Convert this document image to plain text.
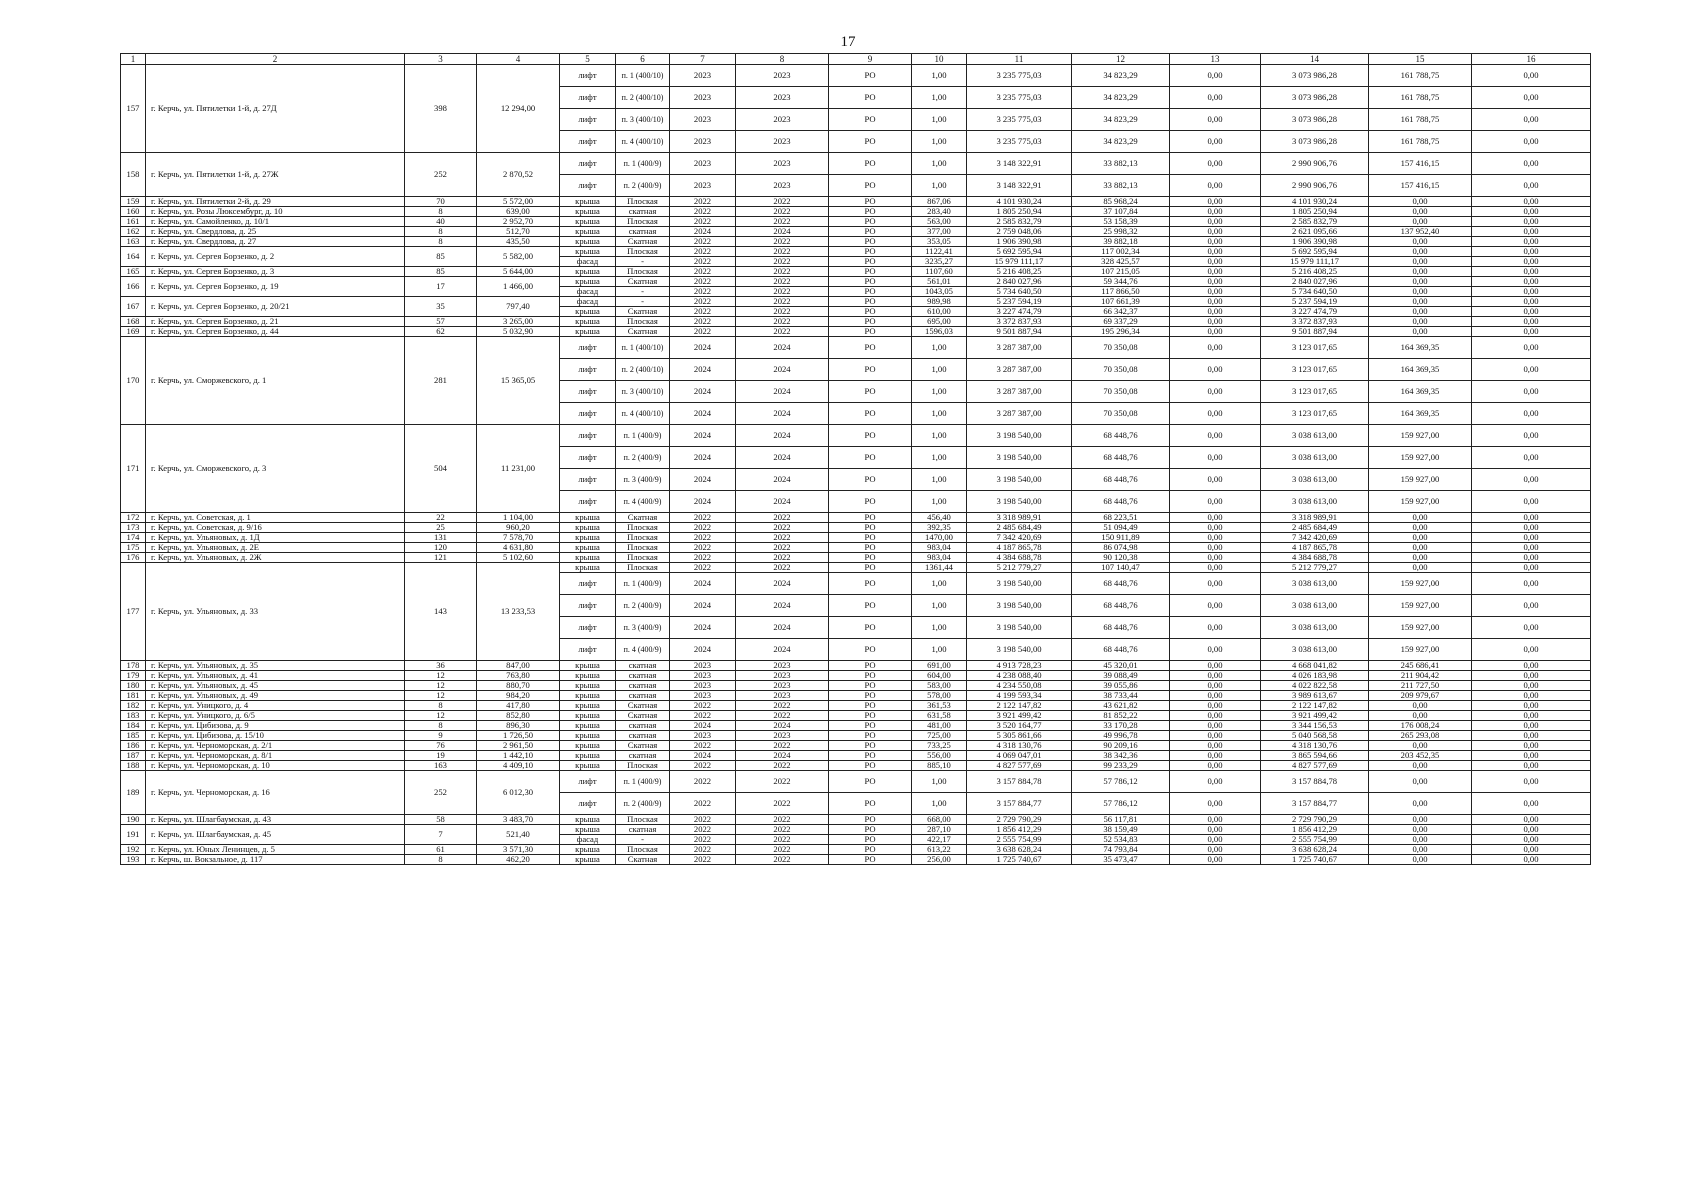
17
1	2	3	4	5	6	7	8	9	10	11	12	13	14	15	16
157	г. Керчь, ул. Пятилетки 1-й, д. 27Д	398	12 294,00	лифт	п. 1 (400/10)	2023	2023	РО	1,00	3 235 775,03	34 823,29	0,00	3 073 986,28	161 788,75	0,00
				лифт	п. 2 (400/10)	2023	2023	РО	1,00	3 235 775,03	34 823,29	0,00	3 073 986,28	161 788,75	0,00
				лифт	п. 3 (400/10)	2023	2023	РО	1,00	3 235 775,03	34 823,29	0,00	3 073 986,28	161 788,75	0,00
				лифт	п. 4 (400/10)	2023	2023	РО	1,00	3 235 775,03	34 823,29	0,00	3 073 986,28	161 788,75	0,00
158	г. Керчь, ул. Пятилетки 1-й, д. 27Ж	252	2 870,52	лифт	п. 1 (400/9)	2023	2023	РО	1,00	3 148 322,91	33 882,13	0,00	2 990 906,76	157 416,15	0,00
				лифт	п. 2 (400/9)	2023	2023	РО	1,00	3 148 322,91	33 882,13	0,00	2 990 906,76	157 416,15	0,00
159	г. Керчь, ул. Пятилетки 2-й, д. 29	70	5 572,00	крыша	Плоская	2022	2022	РО	867,06	4 101 930,24	85 968,24	0,00	4 101 930,24	0,00	0,00
160	г. Керчь, ул. Розы Люксембург, д. 10	8	639,00	крыша	скатная	2022	2022	РО	283,40	1 805 250,94	37 107,84	0,00	1 805 250,94	0,00	0,00
161	г. Керчь, ул. Самойленко, д. 10/1	40	2 952,70	крыша	Плоская	2022	2022	РО	563,00	2 585 832,79	53 158,39	0,00	2 585 832,79	0,00	0,00
162	г. Керчь, ул. Свердлова, д. 25	8	512,70	крыша	скатная	2024	2024	РО	377,00	2 759 048,06	25 998,32	0,00	2 621 095,66	137 952,40	0,00
163	г. Керчь, ул. Свердлова, д. 27	8	435,50	крыша	Скатная	2022	2022	РО	353,05	1 906 390,98	39 882,18	0,00	1 906 390,98	0,00	0,00
164	г. Керчь, ул. Сергея Борзенко, д. 2	85	5 582,00	крыша	Плоская	2022	2022	РО	1122,41	5 692 595,94	117 002,34	0,00	5 692 595,94	0,00	0,00
				фасад	-	2022	2022	РО	3235,27	15 979 111,17	328 425,57	0,00	15 979 111,17	0,00	0,00
165	г. Керчь, ул. Сергея Борзенко, д. 3	85	5 644,00	крыша	Плоская	2022	2022	РО	1107,60	5 216 408,25	107 215,05	0,00	5 216 408,25	0,00	0,00
166	г. Керчь, ул. Сергея Борзенко, д. 19	17	1 466,00	крыша	Скатная	2022	2022	РО	561,01	2 840 027,96	59 344,76	0,00	2 840 027,96	0,00	0,00
				фасад	-	2022	2022	РО	1043,05	5 734 640,50	117 866,50	0,00	5 734 640,50	0,00	0,00
167	г. Керчь, ул. Сергея Борзенко, д. 20/21	35	797,40	фасад	-	2022	2022	РО	989,98	5 237 594,19	107 661,39	0,00	5 237 594,19	0,00	0,00
				крыша	Скатная	2022	2022	РО	610,00	3 227 474,79	66 342,37	0,00	3 227 474,79	0,00	0,00
168	г. Керчь, ул. Сергея Борзенко, д. 21	57	3 265,00	крыша	Плоская	2022	2022	РО	695,00	3 372 837,93	69 337,29	0,00	3 372 837,93	0,00	0,00
169	г. Керчь, ул. Сергея Борзенко, д. 44	62	5 032,90	крыша	Скатная	2022	2022	РО	1596,03	9 501 887,94	195 296,34	0,00	9 501 887,94	0,00	0,00
170	г. Керчь, ул. Сморжевского, д. 1	281	15 365,05	лифт	п. 1 (400/10)	2024	2024	РО	1,00	3 287 387,00	70 350,08	0,00	3 123 017,65	164 369,35	0,00
				лифт	п. 2 (400/10)	2024	2024	РО	1,00	3 287 387,00	70 350,08	0,00	3 123 017,65	164 369,35	0,00
				лифт	п. 3 (400/10)	2024	2024	РО	1,00	3 287 387,00	70 350,08	0,00	3 123 017,65	164 369,35	0,00
				лифт	п. 4 (400/10)	2024	2024	РО	1,00	3 287 387,00	70 350,08	0,00	3 123 017,65	164 369,35	0,00
171	г. Керчь, ул. Сморжевского, д. 3	504	11 231,00	лифт	п. 1 (400/9)	2024	2024	РО	1,00	3 198 540,00	68 448,76	0,00	3 038 613,00	159 927,00	0,00
				лифт	п. 2 (400/9)	2024	2024	РО	1,00	3 198 540,00	68 448,76	0,00	3 038 613,00	159 927,00	0,00
				лифт	п. 3 (400/9)	2024	2024	РО	1,00	3 198 540,00	68 448,76	0,00	3 038 613,00	159 927,00	0,00
				лифт	п. 4 (400/9)	2024	2024	РО	1,00	3 198 540,00	68 448,76	0,00	3 038 613,00	159 927,00	0,00
172	г. Керчь, ул. Советская, д. 1	22	1 104,00	крыша	Скатная	2022	2022	РО	456,40	3 318 989,91	68 223,51	0,00	3 318 989,91	0,00	0,00
173	г. Керчь, ул. Советская, д. 9/16	25	960,20	крыша	Плоская	2022	2022	РО	392,35	2 485 684,49	51 094,49	0,00	2 485 684,49	0,00	0,00
174	г. Керчь, ул. Ульяновых, д. 1Д	131	7 578,70	крыша	Плоская	2022	2022	РО	1470,00	7 342 420,69	150 911,89	0,00	7 342 420,69	0,00	0,00
175	г. Керчь, ул. Ульяновых, д. 2Е	120	4 631,80	крыша	Плоская	2022	2022	РО	983,04	4 187 865,78	86 074,98	0,00	4 187 865,78	0,00	0,00
176	г. Керчь, ул. Ульяновых, д. 2Ж	121	5 102,60	крыша	Плоская	2022	2022	РО	983,04	4 384 688,78	90 120,38	0,00	4 384 688,78	0,00	0,00
177	г. Керчь, ул. Ульяновых, д. 33	143	13 233,53	крыша	Плоская	2022	2022	РО	1361,44	5 212 779,27	107 140,47	0,00	5 212 779,27	0,00	0,00
				лифт	п. 1 (400/9)	2024	2024	РО	1,00	3 198 540,00	68 448,76	0,00	3 038 613,00	159 927,00	0,00
				лифт	п. 2 (400/9)	2024	2024	РО	1,00	3 198 540,00	68 448,76	0,00	3 038 613,00	159 927,00	0,00
				лифт	п. 3 (400/9)	2024	2024	РО	1,00	3 198 540,00	68 448,76	0,00	3 038 613,00	159 927,00	0,00
				лифт	п. 4 (400/9)	2024	2024	РО	1,00	3 198 540,00	68 448,76	0,00	3 038 613,00	159 927,00	0,00
178	г. Керчь, ул. Ульяновых, д. 35	36	847,00	крыша	скатная	2023	2023	РО	691,00	4 913 728,23	45 320,01	0,00	4 668 041,82	245 686,41	0,00
179	г. Керчь, ул. Ульяновых, д. 41	12	763,80	крыша	скатная	2023	2023	РО	604,00	4 238 088,40	39 088,49	0,00	4 026 183,98	211 904,42	0,00
180	г. Керчь, ул. Ульяновых, д. 45	12	880,70	крыша	скатная	2023	2023	РО	583,00	4 234 550,08	39 055,86	0,00	4 022 822,58	211 727,50	0,00
181	г. Керчь, ул. Ульяновых, д. 49	12	984,20	крыша	скатная	2023	2023	РО	578,00	4 199 593,34	38 733,44	0,00	3 989 613,67	209 979,67	0,00
182	г. Керчь, ул. Уницкого, д. 4	8	417,80	крыша	Скатная	2022	2022	РО	361,53	2 122 147,82	43 621,82	0,00	2 122 147,82	0,00	0,00
183	г. Керчь, ул. Уницкого, д. 6/5	12	852,80	крыша	Скатная	2022	2022	РО	631,58	3 921 499,42	81 852,22	0,00	3 921 499,42	0,00	0,00
184	г. Керчь, ул. Цибизова, д. 9	8	896,30	крыша	скатная	2024	2024	РО	481,00	3 520 164,77	33 170,28	0,00	3 344 156,53	176 008,24	0,00
185	г. Керчь, ул. Цибизова, д. 15/10	9	1 726,50	крыша	скатная	2023	2023	РО	725,00	5 305 861,66	49 996,78	0,00	5 040 568,58	265 293,08	0,00
186	г. Керчь, ул. Черноморская, д. 2/1	76	2 961,50	крыша	Скатная	2022	2022	РО	733,25	4 318 130,76	90 209,16	0,00	4 318 130,76	0,00	0,00
187	г. Керчь, ул. Черноморская, д. 8/1	19	1 442,10	крыша	скатная	2024	2024	РО	556,00	4 069 047,01	38 342,36	0,00	3 865 594,66	203 452,35	0,00
188	г. Керчь, ул. Черноморская, д. 10	163	4 409,10	крыша	Плоская	2022	2022	РО	885,10	4 827 577,69	99 233,29	0,00	4 827 577,69	0,00	0,00
189	г. Керчь, ул. Черноморская, д. 16	252	6 012,30	лифт	п. 1 (400/9)	2022	2022	РО	1,00	3 157 884,78	57 786,12	0,00	3 157 884,78	0,00	0,00
				лифт	п. 2 (400/9)	2022	2022	РО	1,00	3 157 884,77	57 786,12	0,00	3 157 884,77	0,00	0,00
190	г. Керчь, ул. Шлагбаумская, д. 43	58	3 483,70	крыша	Плоская	2022	2022	РО	668,00	2 729 790,29	56 117,81	0,00	2 729 790,29	0,00	0,00
191	г. Керчь, ул. Шлагбаумская, д. 45	7	521,40	крыша	скатная	2022	2022	РО	287,10	1 856 412,29	38 159,49	0,00	1 856 412,29	0,00	0,00
				фасад	-	2022	2022	РО	422,17	2 555 754,99	52 534,83	0,00	2 555 754,99	0,00	0,00
192	г. Керчь, ул. Юных Ленинцев, д. 5	61	3 571,30	крыша	Плоская	2022	2022	РО	613,22	3 638 628,24	74 793,84	0,00	3 638 628,24	0,00	0,00
193	г. Керчь, ш. Вокзальное, д. 117	8	462,20	крыша	Скатная	2022	2022	РО	256,00	1 725 740,67	35 473,47	0,00	1 725 740,67	0,00	0,00
